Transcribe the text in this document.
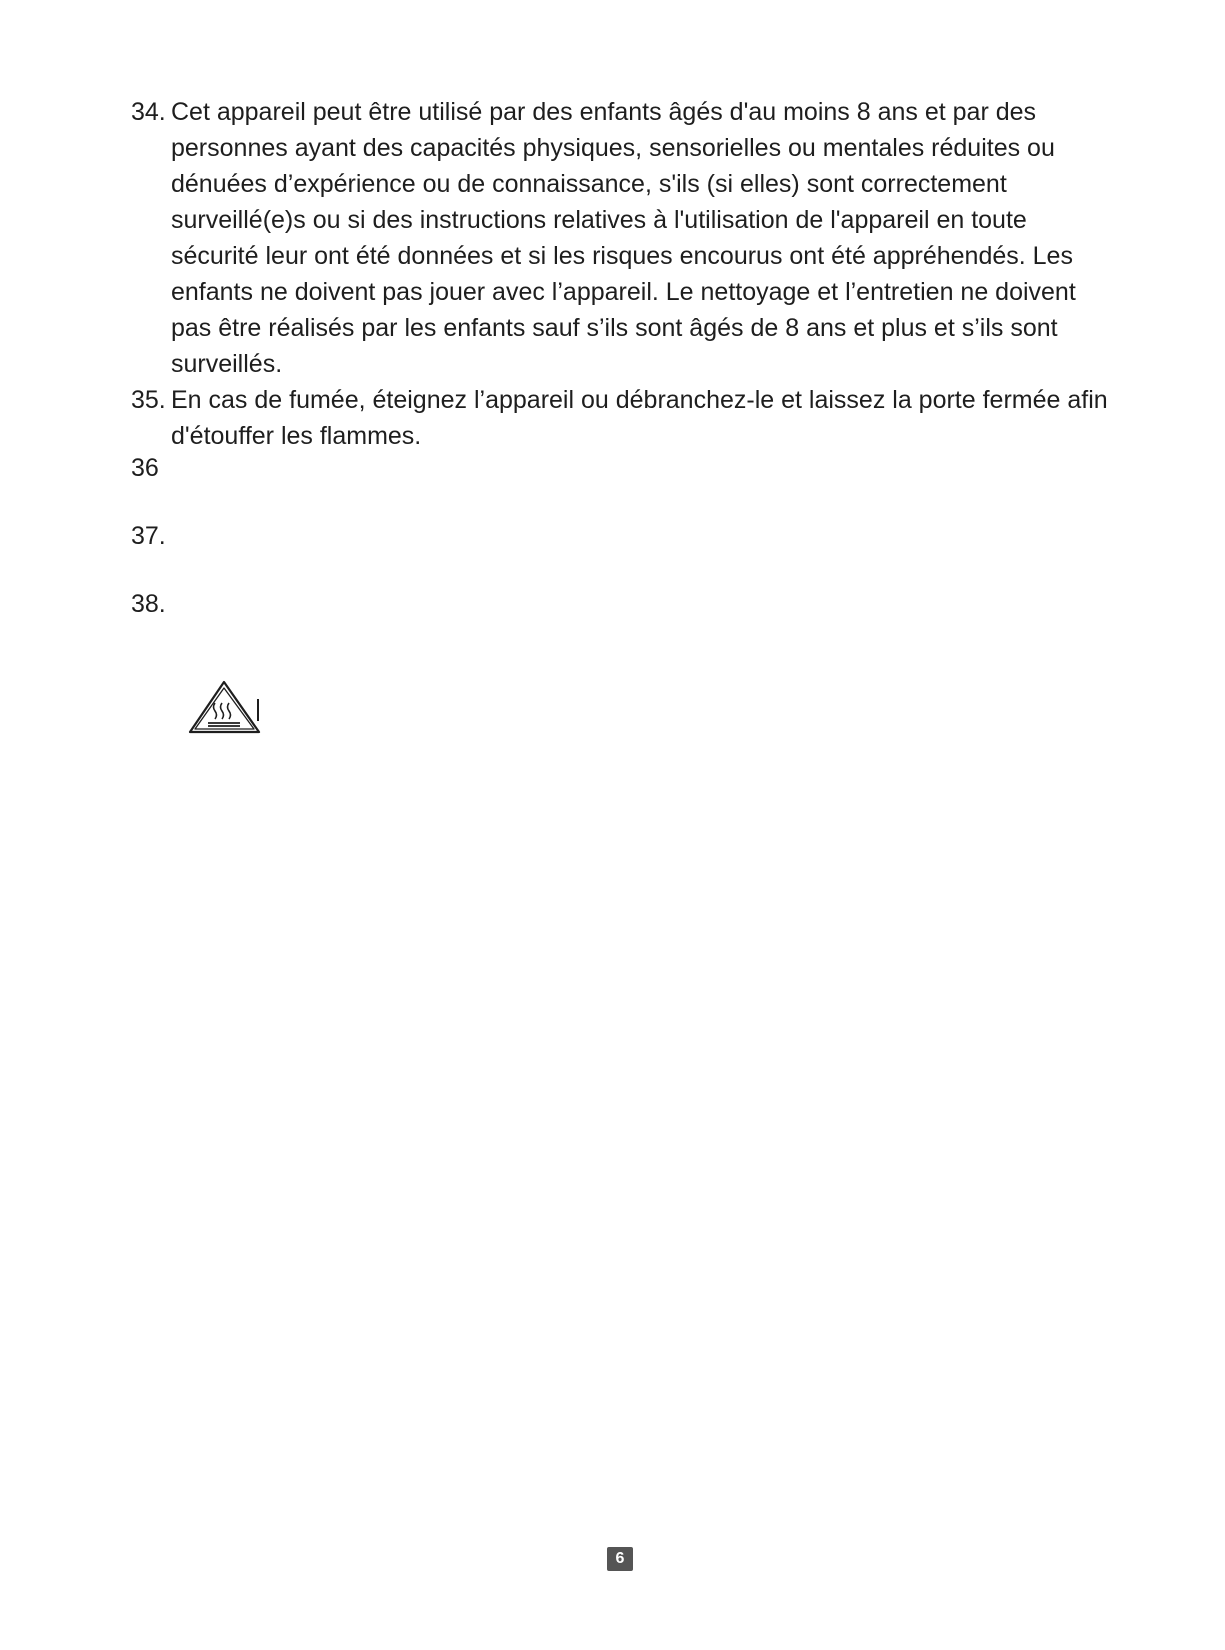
34. Cet appareil peut être utilisé par des enfants âgés d'au moins 8 ans et par des personnes ayant des capacités physiques, sensorielles ou mentales réduites ou dénuées d’expérience ou de connaissance, s'ils (si elles) sont correctement surveillé(e)s ou si des instructions relatives à l'utilisation de l'appareil en toute sécurité leur ont été données et si les risques encourus ont été appréhendés. Les enfants ne doivent pas jouer avec l’appareil. Le nettoyage et l’entretien ne doivent pas être réalisés par les enfants sauf s’ils sont âgés de 8 ans et plus et s’ils sont surveillés.
35. En cas de fumée, éteignez l’appareil ou débranchez-le et laissez la porte fermée afin d'étouffer les flammes.
36
37.
38.
6
